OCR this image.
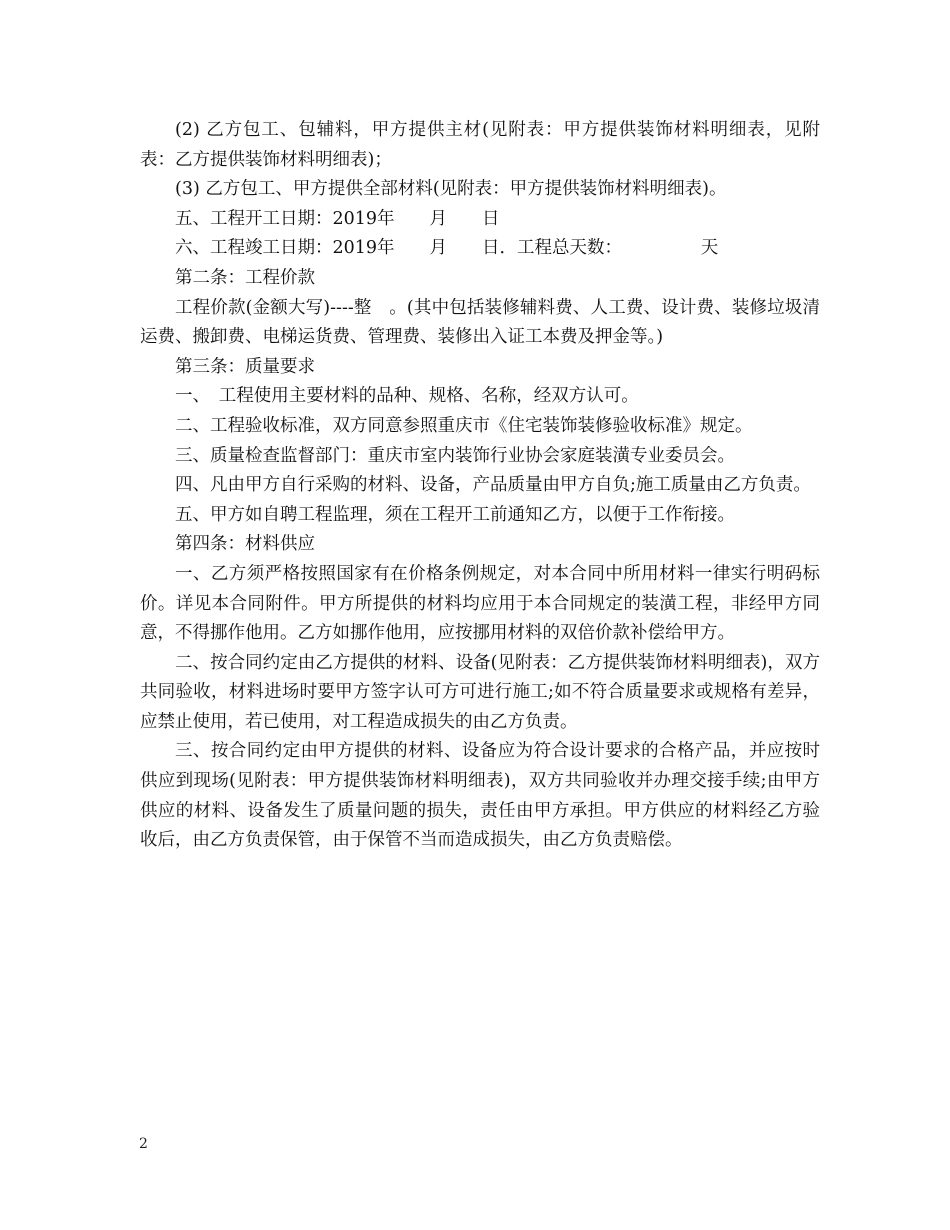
(2) 乙方包工、包辅料，甲方提供主材(见附表：甲方提供装饰材料明细表，见附表：乙方提供装饰材料明细表)；

(3) 乙方包工、甲方提供全部材料(见附表：甲方提供装饰材料明细表)。

五、工程开工日期：2019年　　月　　日

六、工程竣工日期：2019年　　月　　日．工程总天数：　　　　　天

第二条：工程价款

工程价款(金额大写)----整　。(其中包括装修辅料费、人工费、设计费、装修垃圾清运费、搬卸费、电梯运货费、管理费、装修出入证工本费及押金等。)

第三条：质量要求

一、　工程使用主要材料的品种、规格、名称，经双方认可。

二、工程验收标准，双方同意参照重庆市《住宅装饰装修验收标准》规定。

三、质量检查监督部门：重庆市室内装饰行业协会家庭装潢专业委员会。

四、凡由甲方自行采购的材料、设备，产品质量由甲方自负;施工质量由乙方负责。

五、甲方如自聘工程监理，须在工程开工前通知乙方，以便于工作衔接。

第四条：材料供应

一、乙方须严格按照国家有在价格条例规定，对本合同中所用材料一律实行明码标价。详见本合同附件。甲方所提供的材料均应用于本合同规定的装潢工程，非经甲方同意，不得挪作他用。乙方如挪作他用，应按挪用材料的双倍价款补偿给甲方。

二、按合同约定由乙方提供的材料、设备(见附表：乙方提供装饰材料明细表)，双方共同验收，材料进场时要甲方签字认可方可进行施工;如不符合质量要求或规格有差异，应禁止使用，若已使用，对工程造成损失的由乙方负责。

三、按合同约定由甲方提供的材料、设备应为符合设计要求的合格产品，并应按时供应到现场(见附表：甲方提供装饰材料明细表)，双方共同验收并办理交接手续;由甲方供应的材料、设备发生了质量问题的损失，责任由甲方承担。甲方供应的材料经乙方验收后，由乙方负责保管，由于保管不当而造成损失，由乙方负责赔偿。

2
